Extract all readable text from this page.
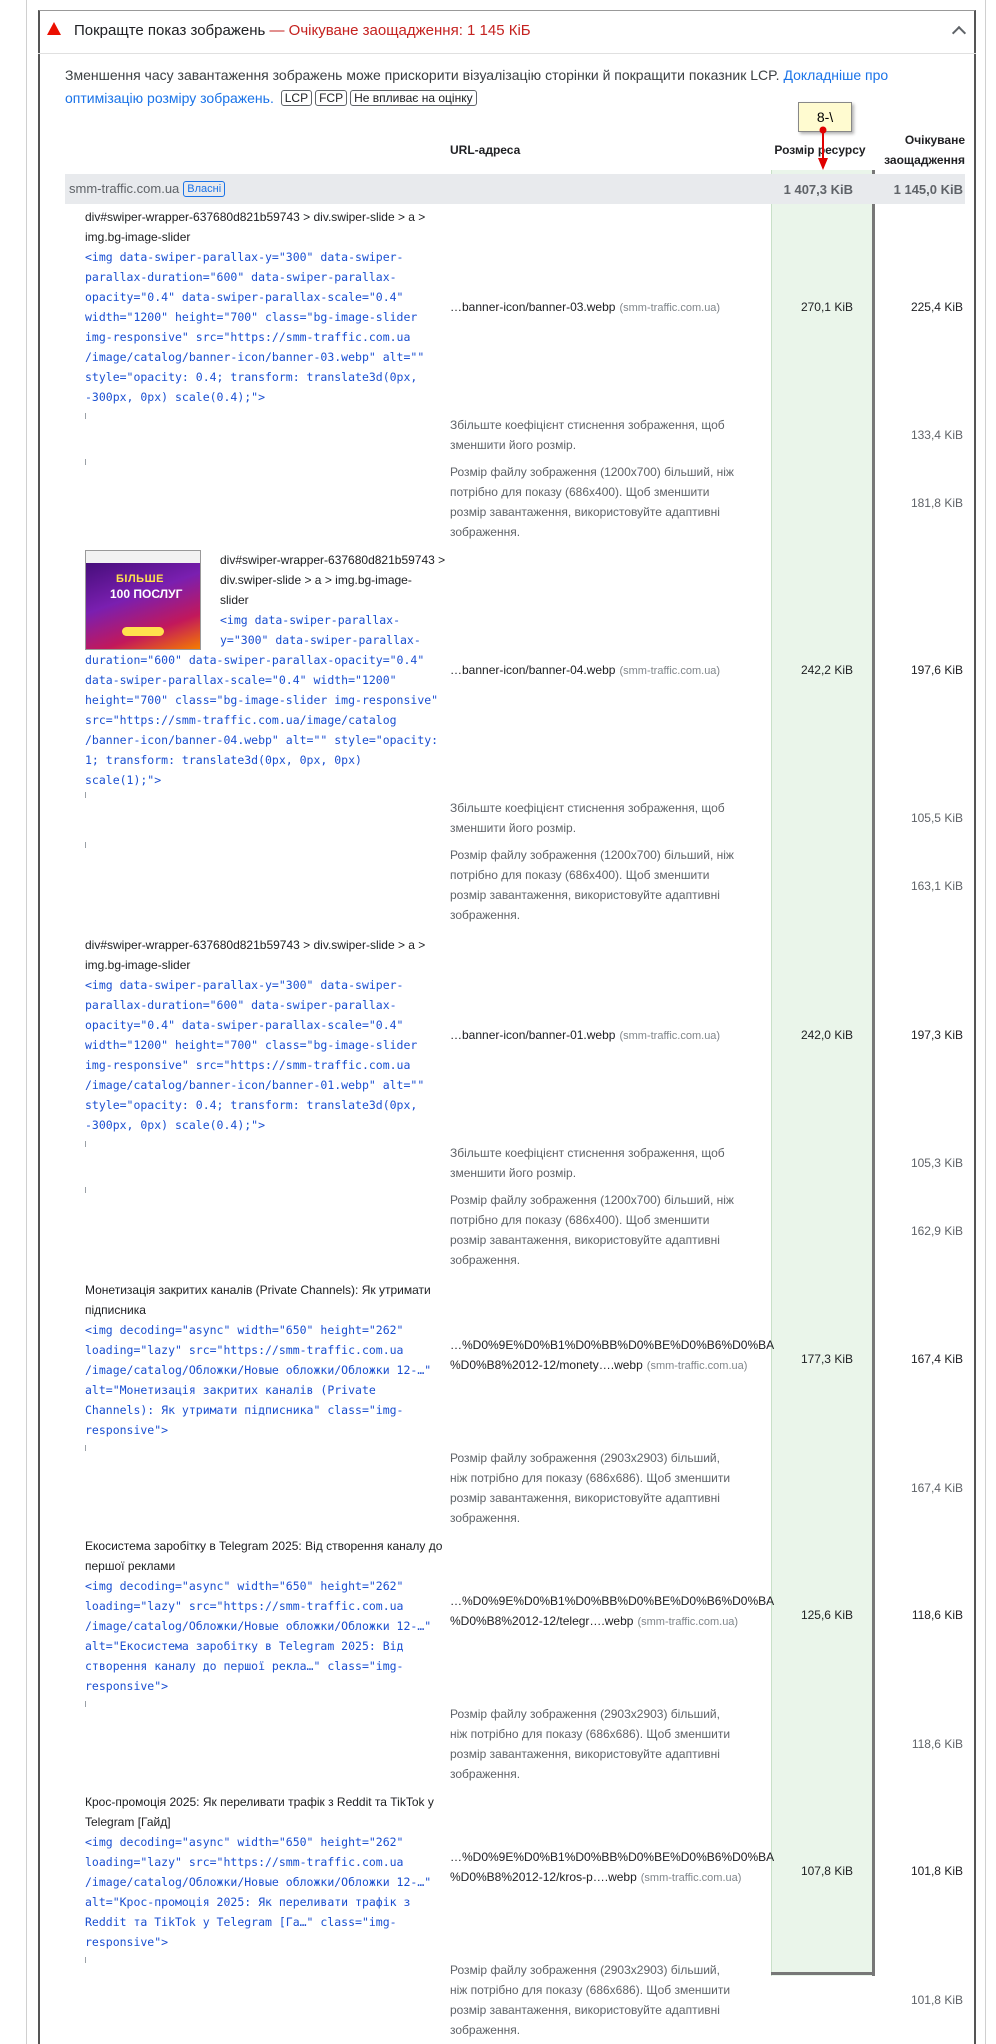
Покращте показ зображень — Очікуване заощадження: 1 145 КіБ
Зменшення часу завантаження зображень може прискорити візуалізацію сторінки й покращити показник LCP. Докладніше про оптимізацію розміру зображень. LCP FCP Не впливає на оцінку
URL-адреса	Розмір ресурсу
Очікуване
заощадження
smm-traffic.com.ua Власні	1 407,3 KiB	1 145,0 KiB
div#swiper-wrapper-637680d821b59743 > div.swiper-slide > a >
img.bg-image-slider
<img data-swiper-parallax-y="300" data-swiper-
parallax-duration="600" data-swiper-parallax-
opacity="0.4" data-swiper-parallax-scale="0.4"
width="1200" height="700" class="bg-image-slider
img-responsive" src="https://smm-traffic.com.ua
/image/catalog/banner-icon/banner-03.webp" alt=""
style="opacity: 0.4; transform: translate3d(0px,
-300px, 0px) scale(0.4);">
…banner-icon/banner-03.webp (smm-traffic.com.ua)	270,1 KiB	225,4 KiB
Збільште коефіцієнт стиснення зображення, щоб зменшити його розмір.
133,4 KiB
Розмір файлу зображення (1200x700) більший, ніж потрібно для показу (686x400). Щоб зменшити розмір завантаження, використовуйте адаптивні зображення.
181,8 KiB
БІЛЬШЕ
100 ПОСЛУГ
div#swiper-wrapper-637680d821b59743 >
div.swiper-slide > a > img.bg-image-
slider
<img data-swiper-parallax-
y="300" data-swiper-parallax-
duration="600" data-swiper-parallax-opacity="0.4"
data-swiper-parallax-scale="0.4" width="1200"
height="700" class="bg-image-slider img-responsive"
src="https://smm-traffic.com.ua/image/catalog
/banner-icon/banner-04.webp" alt="" style="opacity:
1; transform: translate3d(0px, 0px, 0px)
scale(1);">
…banner-icon/banner-04.webp (smm-traffic.com.ua)	242,2 KiB	197,6 KiB
Збільште коефіцієнт стиснення зображення, щоб зменшити його розмір.
105,5 KiB
Розмір файлу зображення (1200x700) більший, ніж потрібно для показу (686x400). Щоб зменшити розмір завантаження, використовуйте адаптивні зображення.
163,1 KiB
div#swiper-wrapper-637680d821b59743 > div.swiper-slide > a >
img.bg-image-slider
<img data-swiper-parallax-y="300" data-swiper-
parallax-duration="600" data-swiper-parallax-
opacity="0.4" data-swiper-parallax-scale="0.4"
width="1200" height="700" class="bg-image-slider
img-responsive" src="https://smm-traffic.com.ua
/image/catalog/banner-icon/banner-01.webp" alt=""
style="opacity: 0.4; transform: translate3d(0px,
-300px, 0px) scale(0.4);">
…banner-icon/banner-01.webp (smm-traffic.com.ua)	242,0 KiB	197,3 KiB
Збільште коефіцієнт стиснення зображення, щоб зменшити його розмір.
105,3 KiB
Розмір файлу зображення (1200x700) більший, ніж потрібно для показу (686x400). Щоб зменшити розмір завантаження, використовуйте адаптивні зображення.
162,9 KiB
Монетизація закритих каналів (Private Channels): Як утримати
підписника
<img decoding="async" width="650" height="262"
loading="lazy" src="https://smm-traffic.com.ua
/image/catalog/Обложки/Новые обложки/Обложки 12-…"
alt="Монетизація закритих каналів (Private
Channels): Як утримати підписника" class="img-
responsive">
…%D0%9E%D0%B1%D0%BB%D0%BE%D0%B6%D0%BA
%D0%B8%2012-12/monety….webp (smm-traffic.com.ua)	177,3 KiB	167,4 KiB
Розмір файлу зображення (2903x2903) більший, ніж потрібно для показу (686x686). Щоб зменшити розмір завантаження, використовуйте адаптивні зображення.
167,4 KiB
Екосистема заробітку в Telegram 2025: Від створення каналу до
першої реклами
<img decoding="async" width="650" height="262"
loading="lazy" src="https://smm-traffic.com.ua
/image/catalog/Обложки/Новые обложки/Обложки 12-…"
alt="Екосистема заробітку в Telegram 2025: Від
створення каналу до першої рекла…" class="img-
responsive">
…%D0%9E%D0%B1%D0%BB%D0%BE%D0%B6%D0%BA
%D0%B8%2012-12/telegr….webp (smm-traffic.com.ua)	125,6 KiB	118,6 KiB
Розмір файлу зображення (2903x2903) більший, ніж потрібно для показу (686x686). Щоб зменшити розмір завантаження, використовуйте адаптивні зображення.
118,6 KiB
Крос-промоція 2025: Як переливати трафік з Reddit та TikTok у
Telegram [Гайд]
<img decoding="async" width="650" height="262"
loading="lazy" src="https://smm-traffic.com.ua
/image/catalog/Обложки/Новые обложки/Обложки 12-…"
alt="Крос-промоція 2025: Як переливати трафік з
Reddit та TikTok у Telegram [Га…" class="img-
responsive">
…%D0%9E%D0%B1%D0%BB%D0%BE%D0%B6%D0%BA
%D0%B8%2012-12/kros-p….webp (smm-traffic.com.ua)	107,8 KiB	101,8 KiB
Розмір файлу зображення (2903x2903) більший, ніж потрібно для показу (686x686). Щоб зменшити розмір завантаження, використовуйте адаптивні зображення.
101,8 KiB
8-\
